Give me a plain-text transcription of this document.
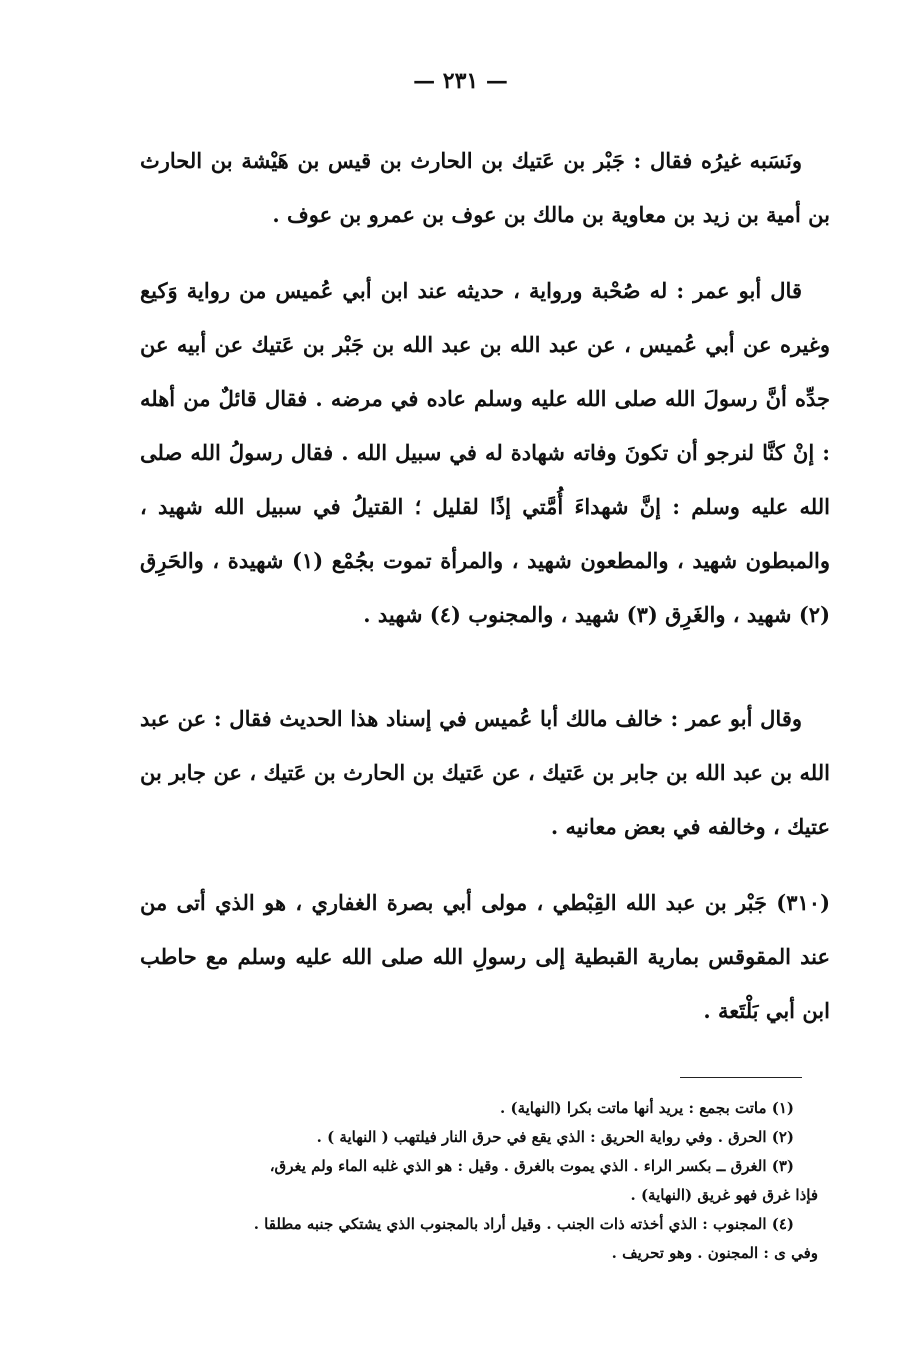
— ٢٣١ —

ونَسَبه غيرُه فقال : جَبْر بن عَتيك بن الحارث بن قيس بن هَيْشة بن الحارث بن أمية بن زيد بن معاوية بن مالك بن عوف بن عمرو بن عوف .

قال أبو عمر : له صُحْبة ورواية ، حديثه عند ابن أبي عُميس من رواية وَكيع وغيره عن أبي عُميس ، عن عبد الله بن عبد الله بن جَبْر بن عَتيك عن أبيه عن جدِّه أنَّ رسولَ الله صلى الله عليه وسلم عاده في مرضه . فقال قائلٌ من أهله : إنْ كنَّا لنرجو أن تكونَ وفاته شهادة له في سبيل الله . فقال رسولُ الله صلى الله عليه وسلم : إنَّ شهداءَ أُمَّتي إذًا لقليل ؛ القتيلُ في سبيل الله شهيد ، والمبطون شهيد ، والمطعون شهيد ، والمرأة تموت بجُمْع (١) شهيدة ، والحَرِق (٢) شهيد ، والغَرِق (٣) شهيد ، والمجنوب (٤) شهيد .

وقال أبو عمر : خالف مالك أبا عُميس في إسناد هذا الحديث فقال : عن عبد الله بن عبد الله بن جابر بن عَتيك ، عن عَتيك بن الحارث بن عَتيك ، عن جابر بن عتيك ، وخالفه في بعض معانيه .

(٣١٠) جَبْر بن عبد الله القِبْطي ، مولى أبي بصرة الغفاري ، هو الذي أتى من عند المقوقس بمارية القبطية إلى رسولِ الله صلى الله عليه وسلم مع حاطب ابن أبي بَلْتَعة .

(١) ماتت بجمع : يريد أنها ماتت بكرا (النهاية) .

(٢) الحرق . وفي رواية الحريق : الذي يقع في حرق النار فيلتهب ( النهاية ) .

(٣) الغرق ــ بكسر الراء . الذي يموت بالغرق . وقيل : هو الذي غلبه الماء ولم يغرق،

فإذا غرق فهو غريق (النهاية) .

(٤) المجنوب : الذي أخذته ذات الجنب . وقيل أراد بالمجنوب الذي يشتكي جنبه مطلقا .

وفي ى : المجنون . وهو تحريف .
